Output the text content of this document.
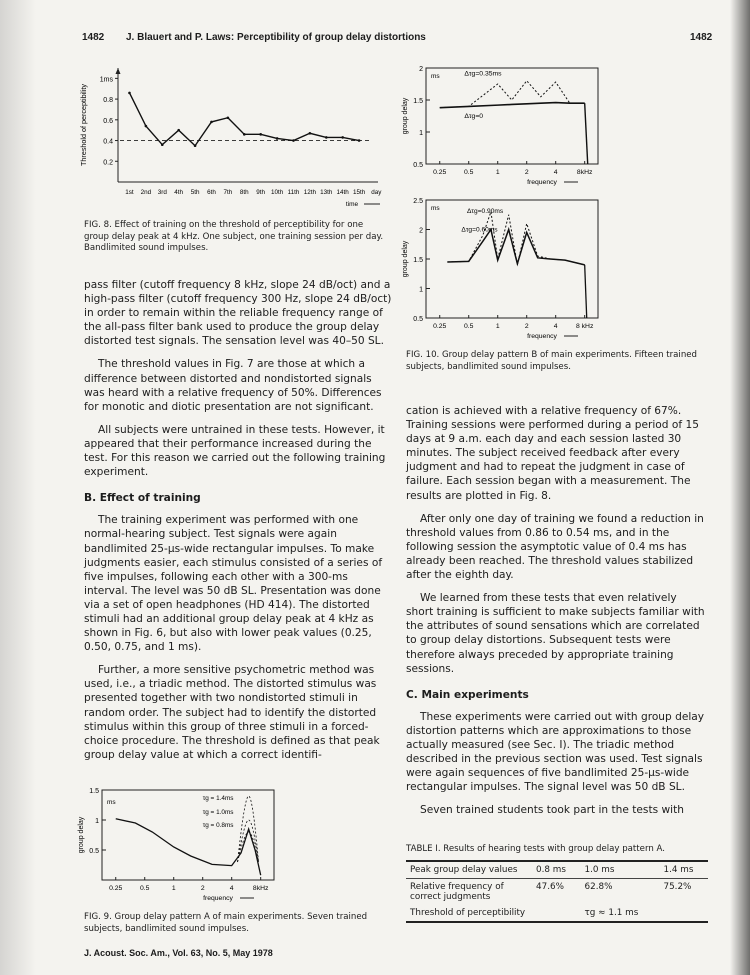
1482 J. Blauert and P. Laws: Perceptibility of group delay distortions	1482
1ms
0.8
0.6
0.4
0.2
1st 2nd 3rd 4th 5th 6th 7th 8th 9th 10th 11th 12th 13th 14th 15th day
time
Threshold of perceptibility
FIG. 8. Effect of training on the threshold of perceptibility for one group delay peak at 4 kHz. One subject, one training session per day. Bandlimited sound impulses.
2
1.5
1
0.5
ms
group delay
0.25	0.5	1	2	4	8kHz
frequency
Δτg=0.35ms
Δτg=0
2.5
2
1.5
1
0.5
ms
group delay
0.25	0.5	1	2	4	8 kHz
frequency
Δτg=0.90ms
Δτg=0.60ms
FIG. 10. Group delay pattern B of main experiments. Fifteen trained subjects, bandlimited sound impulses.

pass filter (cutoff frequency 8 kHz, slope 24 dB/oct) and a high-pass filter (cutoff frequency 300 Hz, slope 24 dB/oct) in order to remain within the reliable frequency range of the all-pass filter bank used to produce the group delay distorted test signals. The sensation level was 40–50 SL.

The threshold values in Fig. 7 are those at which a difference between distorted and nondistorted signals was heard with a relative frequency of 50%. Differences for monotic and diotic presentation are not significant.

All subjects were untrained in these tests. However, it appeared that their performance increased during the test. For this reason we carried out the following training experiment.

B. Effect of training

The training experiment was performed with one normal-hearing subject. Test signals were again bandlimited 25-μs-wide rectangular impulses. To make judgments easier, each stimulus consisted of a series of five impulses, following each other with a 300-ms interval. The level was 50 dB SL. Presentation was done via a set of open headphones (HD 414). The distorted stimuli had an additional group delay peak at 4 kHz as shown in Fig. 6, but also with lower peak values (0.25, 0.50, 0.75, and 1 ms).

Further, a more sensitive psychometric method was used, i.e., a triadic method. The distorted stimulus was presented together with two nondistorted stimuli in random order. The subject had to identify the distorted stimulus within this group of three stimuli in a forced-choice procedure. The threshold is defined as that peak group delay value at which a correct identifi-

1.5
1
0.5
ms
group delay
0.25	0.5	1	2	4	8kHz
frequency
τg = 1.4ms
τg = 1.0ms
τg = 0.8ms
FIG. 9. Group delay pattern A of main experiments. Seven trained subjects, bandlimited sound impulses.

cation is achieved with a relative frequency of 67%. Training sessions were performed during a period of 15 days at 9 a.m. each day and each session lasted 30 minutes. The subject received feedback after every judgment and had to repeat the judgment in case of failure. Each session began with a measurement. The results are plotted in Fig. 8.

After only one day of training we found a reduction in threshold values from 0.86 to 0.54 ms, and in the following session the asymptotic value of 0.4 ms has already been reached. The threshold values stabilized after the eighth day.

We learned from these tests that even relatively short training is sufficient to make subjects familiar with the attributes of sound sensations which are correlated to group delay distortions. Subsequent tests were therefore always preceded by appropriate training sessions.

C. Main experiments

These experiments were carried out with group delay distortion patterns which are approximations to those actually measured (see Sec. I). The triadic method described in the previous section was used. Test signals were again sequences of five bandlimited 25-μs-wide rectangular impulses. The signal level was 50 dB SL.

Seven trained students took part in the tests with

TABLE I. Results of hearing tests with group delay pattern A.
Peak group delay values	0.8 ms	1.0 ms	1.4 ms
Relative frequency of correct judgments	47.6%	62.8%	75.2%
Threshold of perceptibility		τg ≈ 1.1 ms	
J. Acoust. Soc. Am., Vol. 63, No. 5, May 1978
